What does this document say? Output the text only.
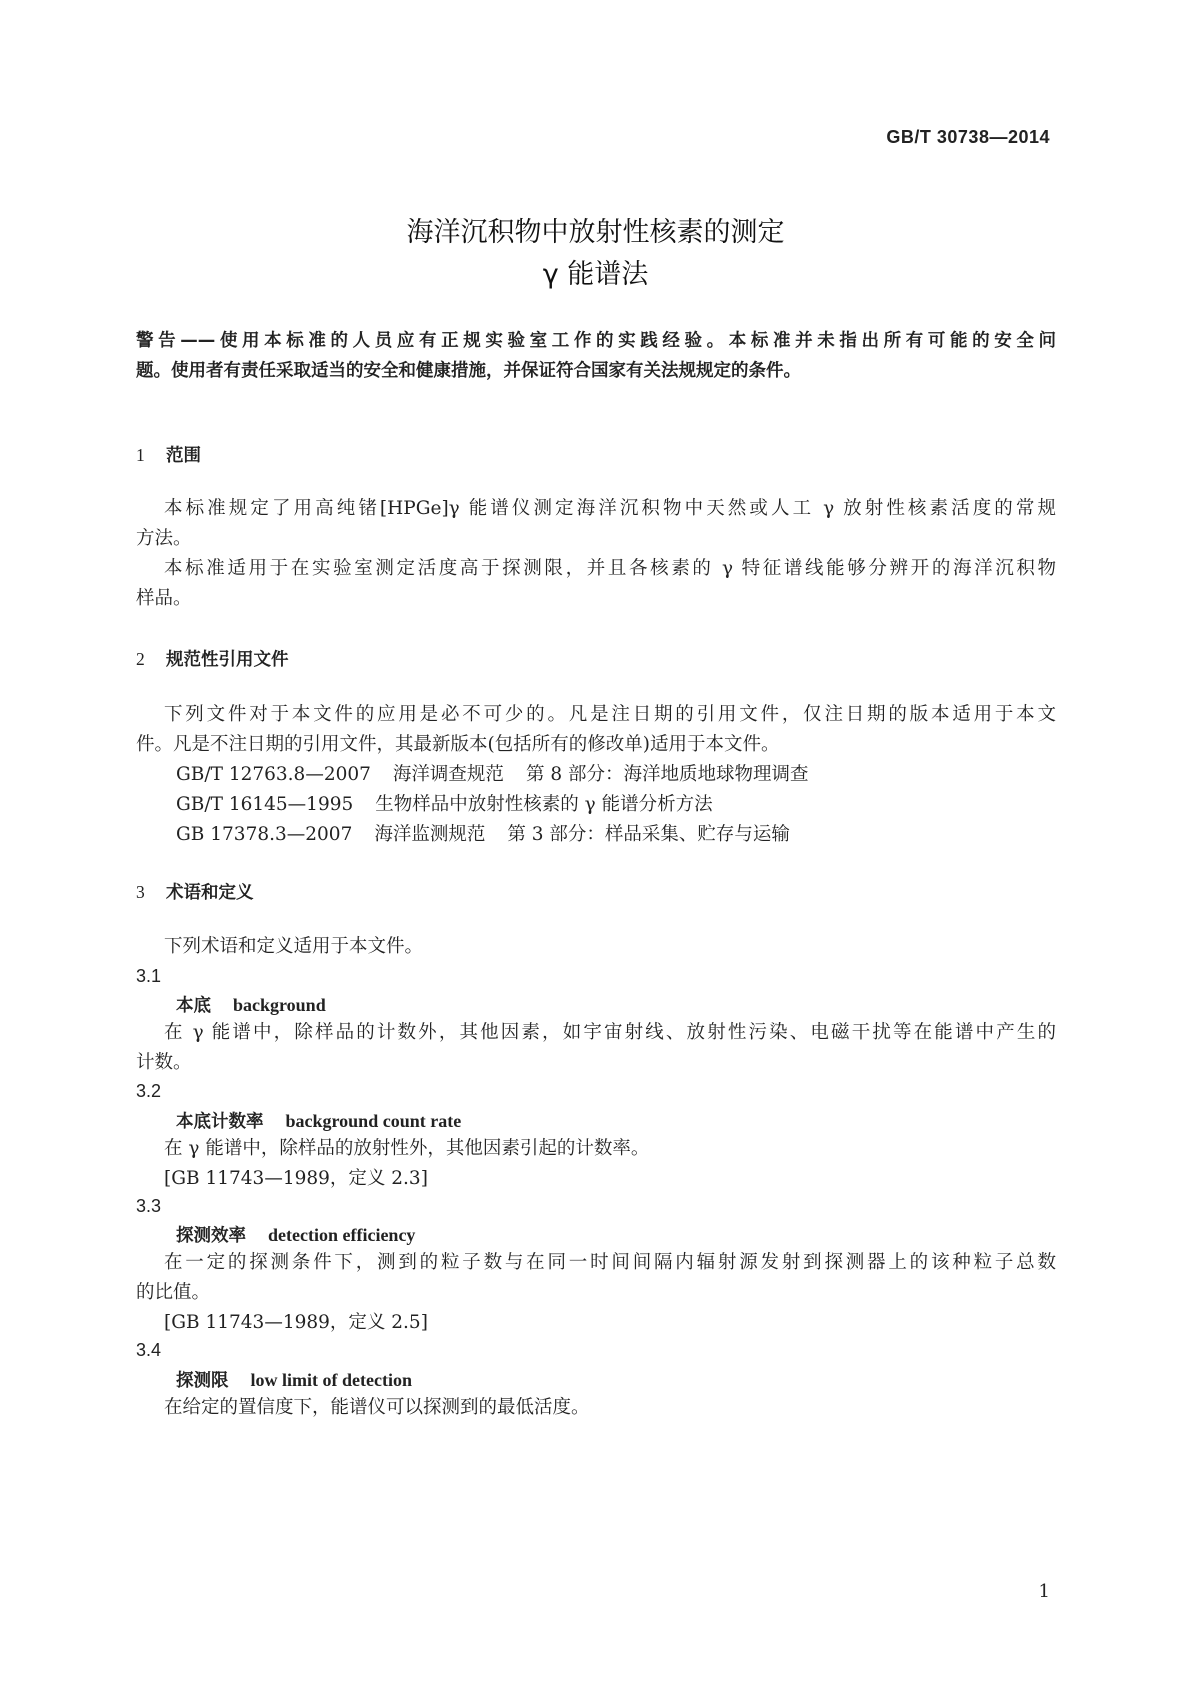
GB/T 30738—2014
海洋沉积物中放射性核素的测定
γ 能谱法
警告——使用本标准的人员应有正规实验室工作的实践经验。本标准并未指出所有可能的安全问
题。使用者有责任采取适当的安全和健康措施，并保证符合国家有关法规规定的条件。
1 范围
本标准规定了用高纯锗[HPGe]γ 能谱仪测定海洋沉积物中天然或人工 γ 放射性核素活度的常规
方法。
本标准适用于在实验室测定活度高于探测限，并且各核素的 γ 特征谱线能够分辨开的海洋沉积物
样品。
2 规范性引用文件
下列文件对于本文件的应用是必不可少的。凡是注日期的引用文件，仅注日期的版本适用于本文
件。凡是不注日期的引用文件，其最新版本(包括所有的修改单)适用于本文件。
GB/T 12763.8—2007 海洋调查规范 第 8 部分：海洋地质地球物理调查
GB/T 16145—1995 生物样品中放射性核素的 γ 能谱分析方法
GB 17378.3—2007 海洋监测规范 第 3 部分：样品采集、贮存与运输
3 术语和定义
下列术语和定义适用于本文件。
3.1
本底 background
在 γ 能谱中，除样品的计数外，其他因素，如宇宙射线、放射性污染、电磁干扰等在能谱中产生的
计数。
3.2
本底计数率 background count rate
在 γ 能谱中，除样品的放射性外，其他因素引起的计数率。
[GB 11743—1989，定义 2.3]
3.3
探测效率 detection efficiency
在一定的探测条件下，测到的粒子数与在同一时间间隔内辐射源发射到探测器上的该种粒子总数
的比值。
[GB 11743—1989，定义 2.5]
3.4
探测限 low limit of detection
在给定的置信度下，能谱仪可以探测到的最低活度。
1
